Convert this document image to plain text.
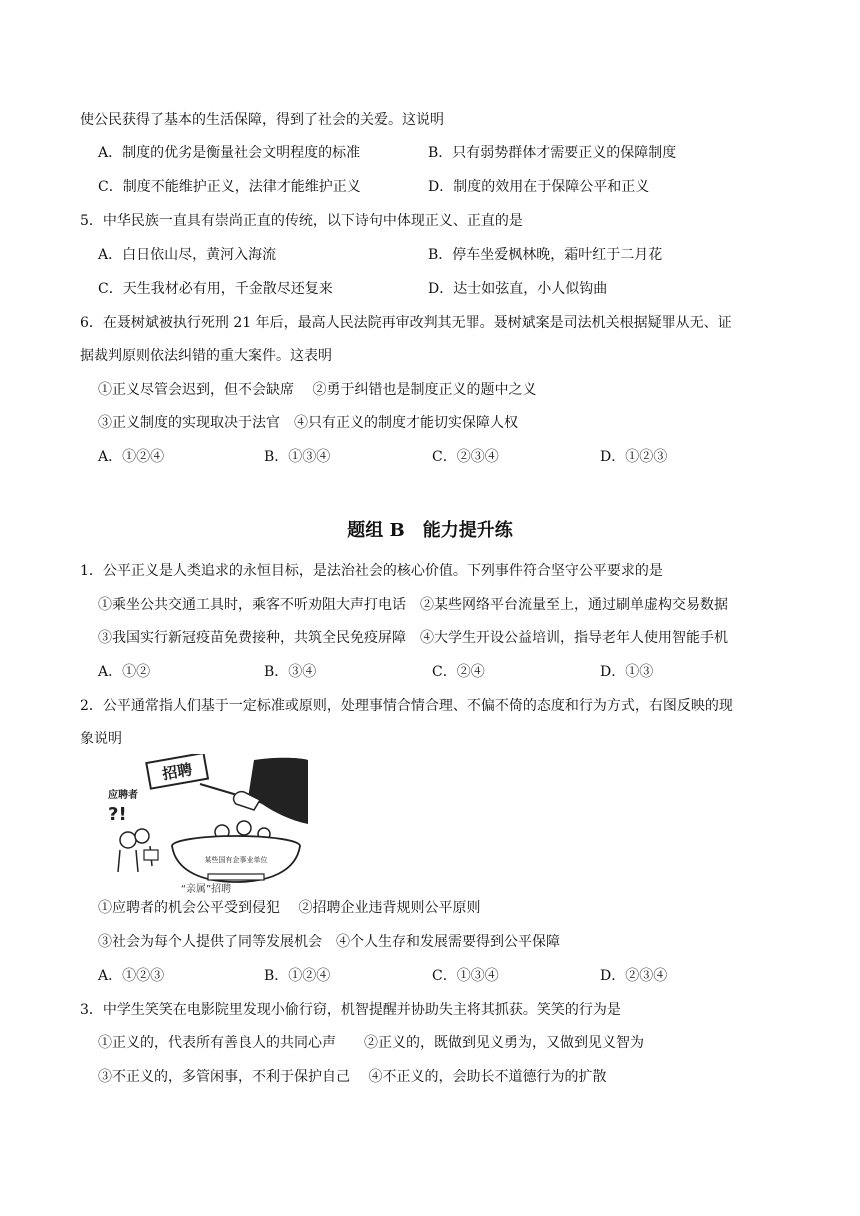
使公民获得了基本的生活保障，得到了社会的关爱。这说明
A．制度的优劣是衡量社会文明程度的标准	B．只有弱势群体才需要正义的保障制度
C．制度不能维护正义，法律才能维护正义	D．制度的效用在于保障公平和正义
5．中华民族一直具有崇尚正直的传统，以下诗句中体现正义、正直的是
A．白日依山尽，黄河入海流	B．停车坐爱枫林晚，霜叶红于二月花
C．天生我材必有用，千金散尽还复来	D．达士如弦直，小人似钩曲
6．在聂树斌被执行死刑 21 年后，最高人民法院再审改判其无罪。聂树斌案是司法机关根据疑罪从无、证
据裁判原则依法纠错的重大案件。这表明
①正义尽管会迟到，但不会缺席　 ②勇于纠错也是制度正义的题中之义
③正义制度的实现取决于法官　④只有正义的制度才能切实保障人权
A．①②④	B．①③④	C．②③④	D．①②③
题组 B　能力提升练
1．公平正义是人类追求的永恒目标，是法治社会的核心价值。下列事件符合坚守公平要求的是
①乘坐公共交通工具时，乘客不听劝阻大声打电话　②某些网络平台流量至上，通过刷单虚构交易数据
③我国实行新冠疫苗免费接种，共筑全民免疫屏障　④大学生开设公益培训，指导老年人使用智能手机
A．①②	B．③④	C．②④	D．①③
2．公平通常指人们基于一定标准或原则，处理事情合情合理、不偏不倚的态度和行为方式，右图反映的现
象说明
招聘
某些国有企事业单位
应聘者
?!
“亲属”招聘
①应聘者的机会公平受到侵犯　 ②招聘企业违背规则公平原则
③社会为每个人提供了同等发展机会　④个人生存和发展需要得到公平保障
A．①②③	B．①②④	C．①③④	D．②③④
3．中学生笑笑在电影院里发现小偷行窃，机智提醒并协助失主将其抓获。笑笑的行为是
①正义的，代表所有善良人的共同心声　　②正义的，既做到见义勇为，又做到见义智为
③不正义的，多管闲事，不利于保护自己　 ④不正义的，会助长不道德行为的扩散
